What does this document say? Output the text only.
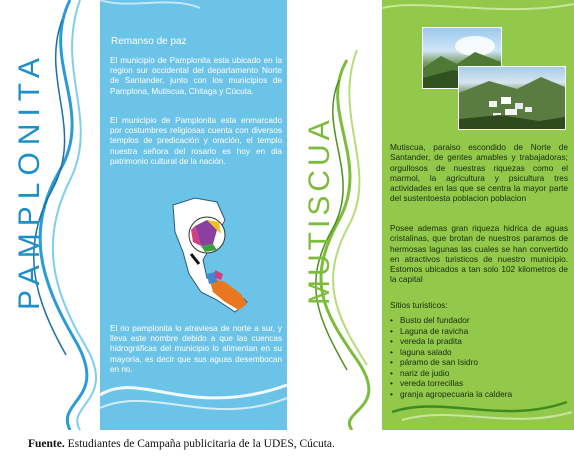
PAMPLONITA	MUTISCUA
Remanso de paz
El municipio de Pamplonita esta ubicado en la region sur occidental del departamento Norte de Santander, junto con los municipios de Pamplona, Mutiscua, Chitaga y Cúcuta.
El municipio de Pamplonita esta enmarcado por costumbres religiosas cuenta con diversos templos de predicación y oración, el templo nuestra señora del rosario es hoy en dia patrimonio cultural de la nación.
El rio pamplonita lo atraviesa de norte a sur, y lleva este nombre debido a que las cuencas hidrográficas del municipio lo alimentan en su mayoría, es decir que sus aguas desembocan en rio.
Mutiscua, paraiso escondido de Norte de Santander, de gentes amables y trabajadoras; orgullosos de nuestras riquezas como el marmol, la agricultura y psicultura tres actividades en las que se centra la mayor parte del sustentoesta poblacion poblacion
Posee ademas gran riqueza hidrica de aguas cristalinas, que brotan de nuestros paramos de hermosas lagunas las cuales se han convertido en atractivos turisticos de nuestro municipio. Estomos ubicados a tan solo 102 kilometros de la capital
Sitios turisticos:
• Busto del fundador
• Laguna de ravicha
• vereda la pradita
• laguna salado
• páramo de san Isidro
• nariz de judio
• vereda torrecillas
• granja agropecuaria la caldera
Fuente. Estudiantes de Campaña publicitaria de la UDES, Cúcuta.
